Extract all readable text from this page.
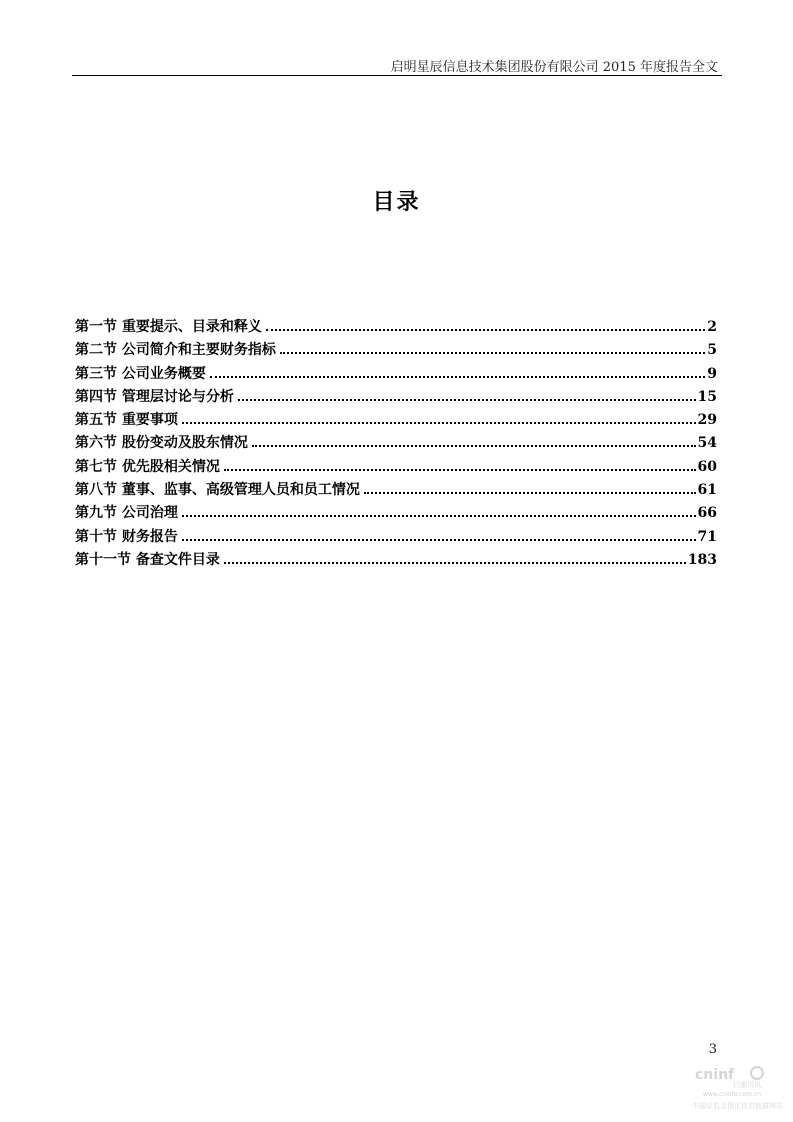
启明星辰信息技术集团股份有限公司 2015 年度报告全文
目录
第一节 重要提示、目录和释义	2
第二节 公司简介和主要财务指标	5
第三节 公司业务概要	9
第四节 管理层讨论与分析	15
第五节 重要事项	29
第六节 股份变动及股东情况	54
第七节 优先股相关情况	60
第八节 董事、监事、高级管理人员和员工情况	61
第九节 公司治理	66
第十节 财务报告	71
第十一节 备查文件目录	183
3
cninf
巨潮资讯
www.cninfo.com.cn
中国证监会指定信息披露网站
